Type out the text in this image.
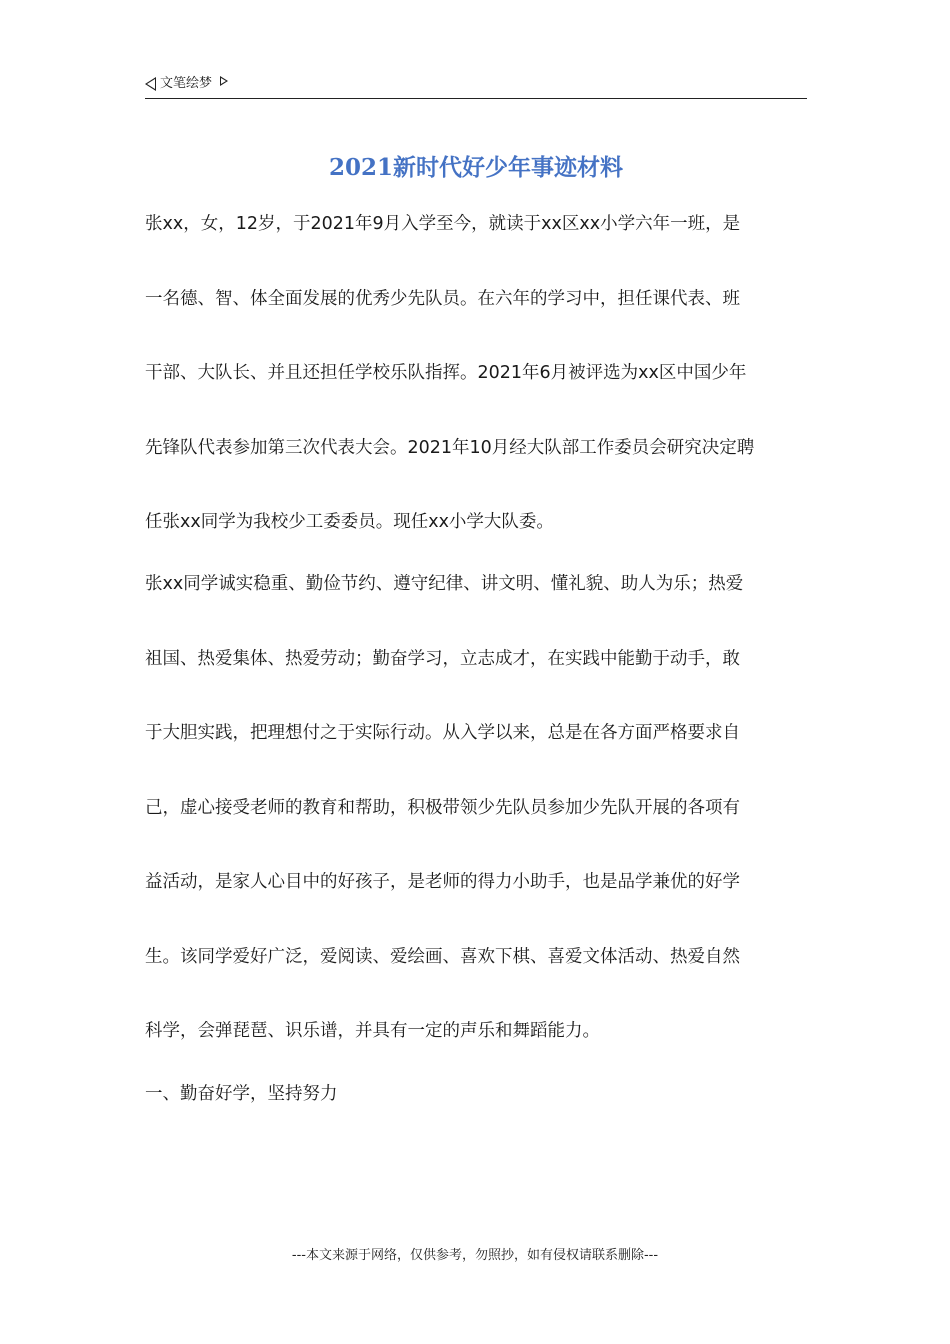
文笔绘梦
2021新时代好少年事迹材料
张xx，女，12岁，于2021年9月入学至今，就读于xx区xx小学六年一班，是
一名德、智、体全面发展的优秀少先队员。在六年的学习中，担任课代表、班
干部、大队长、并且还担任学校乐队指挥。2021年6月被评选为xx区中国少年
先锋队代表参加第三次代表大会。2021年10月经大队部工作委员会研究决定聘
任张xx同学为我校少工委委员。现任xx小学大队委。
张xx同学诚实稳重、勤俭节约、遵守纪律、讲文明、懂礼貌、助人为乐；热爱
祖国、热爱集体、热爱劳动；勤奋学习，立志成才，在实践中能勤于动手，敢
于大胆实践，把理想付之于实际行动。从入学以来，总是在各方面严格要求自
己，虚心接受老师的教育和帮助，积极带领少先队员参加少先队开展的各项有
益活动，是家人心目中的好孩子，是老师的得力小助手，也是品学兼优的好学
生。该同学爱好广泛，爱阅读、爱绘画、喜欢下棋、喜爱文体活动、热爱自然
科学，会弹琵琶、识乐谱，并具有一定的声乐和舞蹈能力。
一、勤奋好学，坚持努力
---本文来源于网络，仅供参考，勿照抄，如有侵权请联系删除---
